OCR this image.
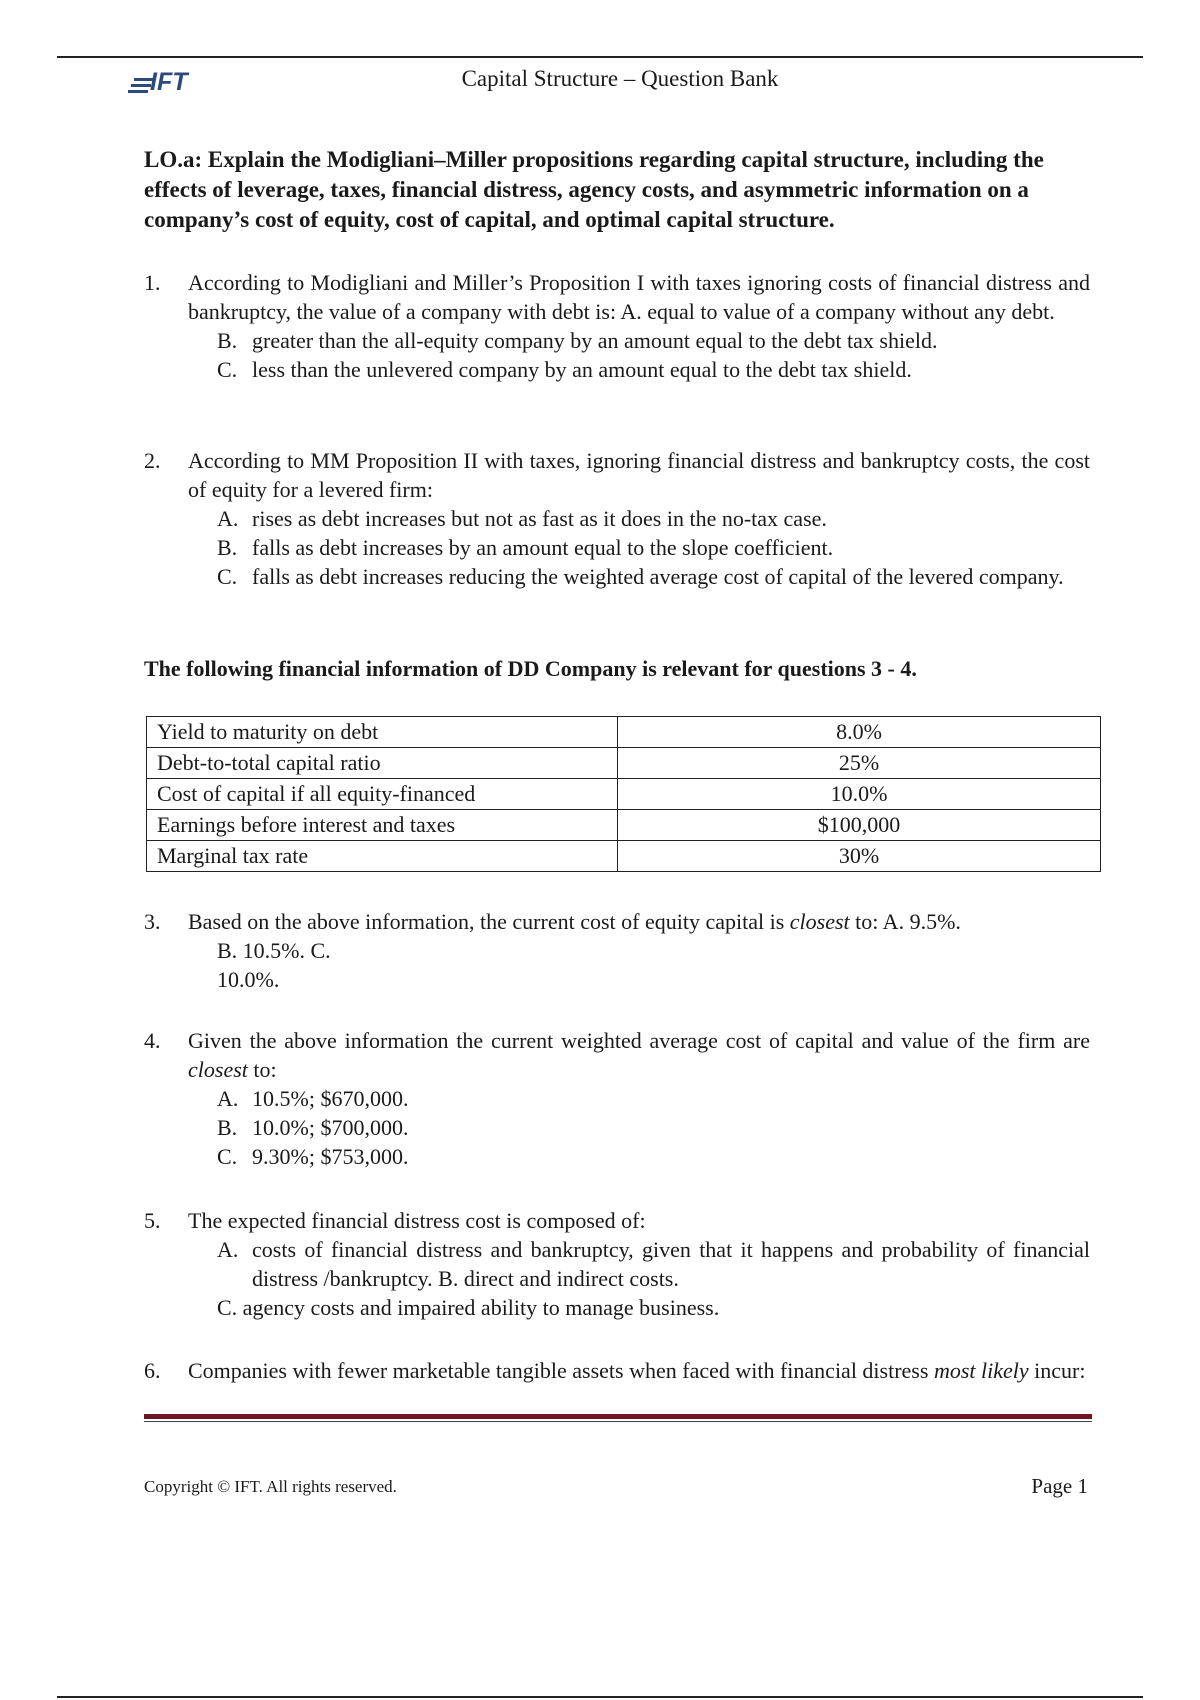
IFT	Capital Structure – Question Bank
LO.a: Explain the Modigliani–Miller propositions regarding capital structure, including the effects of leverage, taxes, financial distress, agency costs, and asymmetric information on a company’s cost of equity, cost of capital, and optimal capital structure.
1. According to Modigliani and Miller’s Proposition I with taxes ignoring costs of financial distress and bankruptcy, the value of a company with debt is: A. equal to value of a company without any debt.
B. greater than the all-equity company by an amount equal to the debt tax shield.
C. less than the unlevered company by an amount equal to the debt tax shield.
2. According to MM Proposition II with taxes, ignoring financial distress and bankruptcy costs, the cost of equity for a levered firm:
A. rises as debt increases but not as fast as it does in the no-tax case.
B. falls as debt increases by an amount equal to the slope coefficient.
C. falls as debt increases reducing the weighted average cost of capital of the levered company.
The following financial information of DD Company is relevant for questions 3 - 4.
Yield to maturity on debt	8.0%
Debt-to-total capital ratio	25%
Cost of capital if all equity-financed	10.0%
Earnings before interest and taxes	$100,000
Marginal tax rate	30%
3. Based on the above information, the current cost of equity capital is closest to: A. 9.5%.
B. 10.5%. C.
10.0%.
4. Given the above information the current weighted average cost of capital and value of the firm are closest to:
A. 10.5%; $670,000.
B. 10.0%; $700,000.
C. 9.30%; $753,000.
5. The expected financial distress cost is composed of:
A. costs of financial distress and bankruptcy, given that it happens and probability of financial distress /bankruptcy. B. direct and indirect costs.
C. agency costs and impaired ability to manage business.
6. Companies with fewer marketable tangible assets when faced with financial distress most likely incur:
Copyright © IFT. All rights reserved.	Page 1
